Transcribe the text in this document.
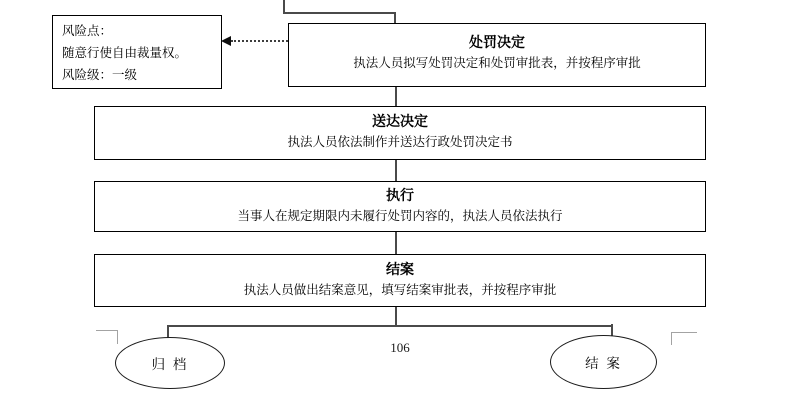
风险点：
随意行使自由裁量权。
风险级：一级
处罚决定
执法人员拟写处罚决定和处罚审批表，并按程序审批
送达决定
执法人员依法制作并送达行政处罚决定书
执行
当事人在规定期限内未履行处罚内容的，执法人员依法执行
结案
执法人员做出结案意见，填写结案审批表，并按程序审批
归 档	结 案
106
